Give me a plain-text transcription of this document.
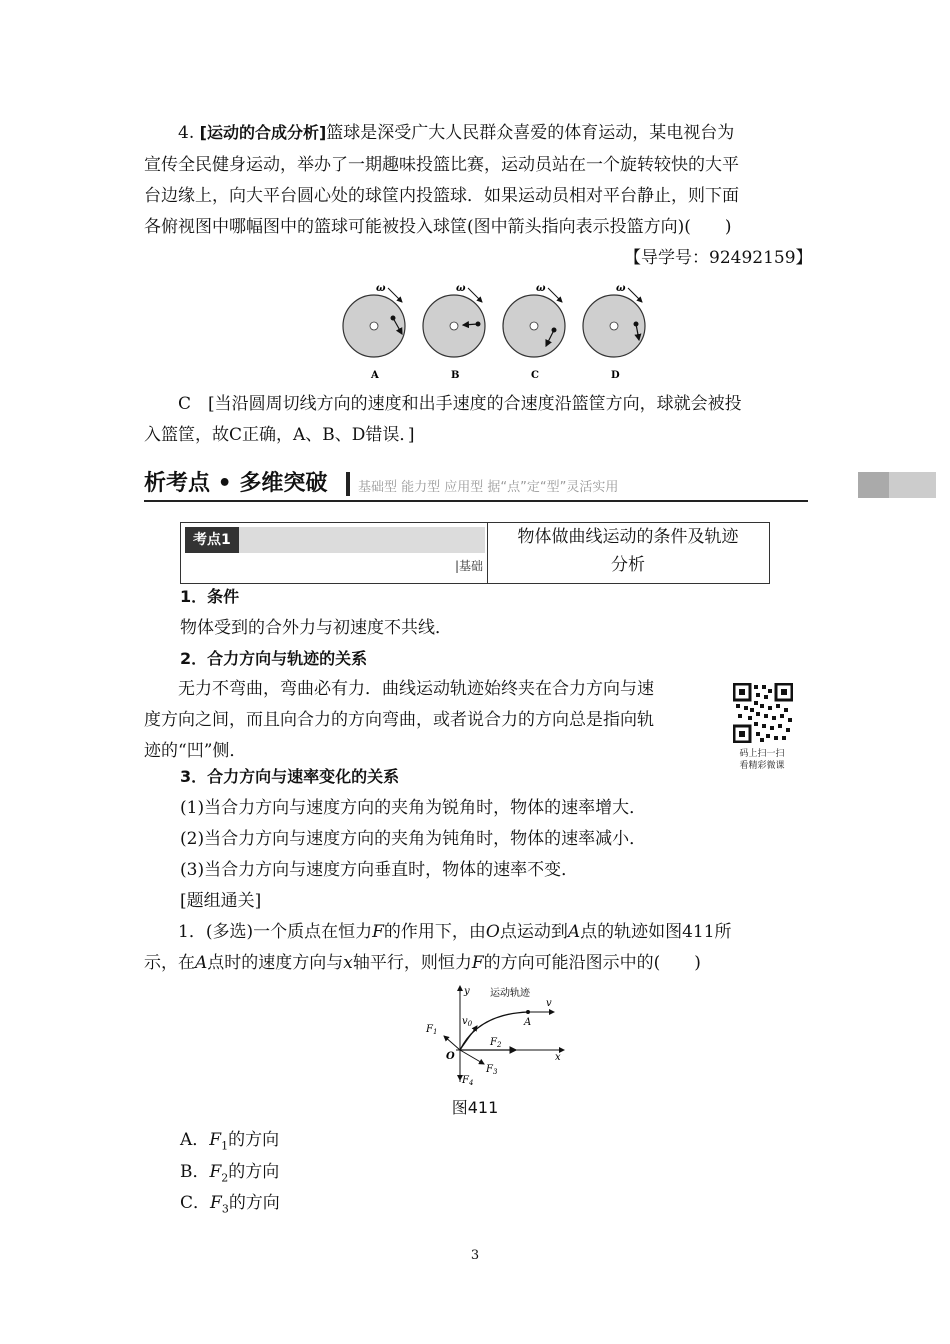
4. [运动的合成分析]篮球是深受广大人民群众喜爱的体育运动，某电视台为
宣传全民健身运动，举办了一期趣味投篮比赛，运动员站在一个旋转较快的大平
台边缘上，向大平台圆心处的球筐内投篮球．如果运动员相对平台静止，则下面
各俯视图中哪幅图中的篮球可能被投入球筐(图中箭头指向表示投篮方向)(　　)
【导学号：92492159】
ω
A
ω
B
ω
C
ω
D
C　[当沿圆周切线方向的速度和出手速度的合速度沿篮筐方向，球就会被投
入篮筐，故C正确，A、B、D错误．]
析考点 • 多维突破 基础型 能力型 应用型 据“点”定“型”灵活实用
考点1
|基础
物体做曲线运动的条件及轨迹
分析
1．条件
物体受到的合外力与初速度不共线．
2．合力方向与轨迹的关系
无力不弯曲，弯曲必有力．曲线运动轨迹始终夹在合力方向与速
度方向之间，而且向合力的方向弯曲，或者说合力的方向总是指向轨
迹的“凹”侧．	码上扫一扫
看精彩微课
3．合力方向与速率变化的关系
(1)当合力方向与速度方向的夹角为锐角时，物体的速率增大．
(2)当合力方向与速度方向的夹角为钝角时，物体的速率减小．
(3)当合力方向与速度方向垂直时，物体的速率不变．
[题组通关]
1．(多选)一个质点在恒力F的作用下，由O点运动到A点的轨迹如图411所
示，在A点时的速度方向与x轴平行，则恒力F的方向可能沿图示中的(　　)
y
x
运动轨迹
v
$v_0$	A
O
$F_1$
$F_2$
$F_3$
$F_4$
图411
A．$F_1$的方向
B．$F_2$的方向
C．$F_3$的方向
3
